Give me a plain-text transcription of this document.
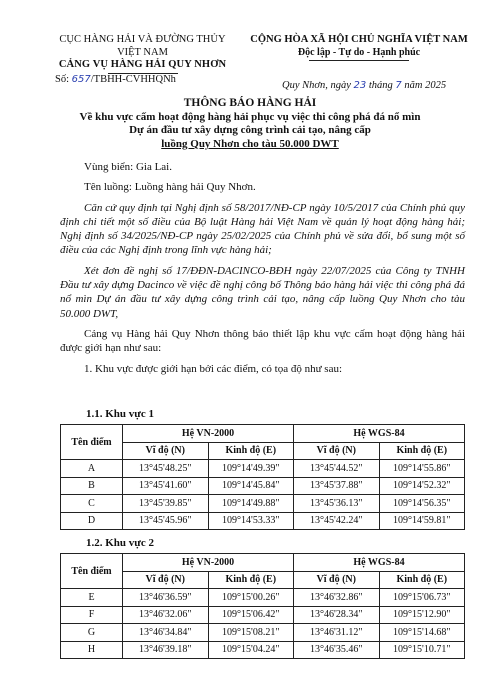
CỤC HÀNG HẢI VÀ ĐƯỜNG THỦY
VIỆT NAM
CẢNG VỤ HÀNG HẢI QUY NHƠN
CỘNG HÒA XÃ HỘI CHỦ NGHĨA VIỆT NAM
Độc lập - Tự do - Hạnh phúc
Số: 657/TBHH-CVHHQNh
Quy Nhơn, ngày 23 tháng 7 năm 2025
THÔNG BÁO HÀNG HẢI
Về khu vực cấm hoạt động hàng hải phục vụ việc thi công phá đá nổ mìn
Dự án đầu tư xây dựng công trình cải tạo, nâng cấp
luồng Quy Nhơn cho tàu 50.000 DWT

Vùng biển: Gia Lai.

Tên luồng: Luồng hàng hải Quy Nhơn.

Căn cứ quy định tại Nghị định số 58/2017/NĐ-CP ngày 10/5/2017 của Chính phủ quy định chi tiết một số điều của Bộ luật Hàng hải Việt Nam về quản lý hoạt động hàng hải; Nghị định số 34/2025/NĐ-CP ngày 25/02/2025 của Chính phủ về sửa đổi, bổ sung một số điều của các Nghị định trong lĩnh vực hàng hải;

Xét đơn đề nghị số 17/ĐĐN-DACINCO-BĐH ngày 22/07/2025 của Công ty TNHH Đầu tư xây dựng Dacinco về việc đề nghị công bố Thông báo hàng hải việc thi công phá đá nổ mìn Dự án đầu tư xây dựng công trình cải tạo, nâng cấp luồng Quy Nhơn cho tàu 50.000 DWT,

Cảng vụ Hàng hải Quy Nhơn thông báo thiết lập khu vực cấm hoạt động hàng hải được giới hạn như sau:

1. Khu vực được giới hạn bởi các điểm, có tọa độ như sau:

1.1. Khu vực 1
Tên điểm	Hệ VN-2000		Hệ WGS-84	
	Vĩ độ (N)	Kinh độ (E)	Vĩ độ (N)	Kinh độ (E)
A	13°45'48.25"	109°14'49.39"	13°45'44.52"	109°14'55.86"
B	13°45'41.60"	109°14'45.84"	13°45'37.88"	109°14'52.32"
C	13°45'39.85"	109°14'49.88"	13°45'36.13"	109°14'56.35"
D	13°45'45.96"	109°14'53.33"	13°45'42.24"	109°14'59.81"
1.2. Khu vực 2
Tên điểm	Hệ VN-2000		Hệ WGS-84	
	Vĩ độ (N)	Kinh độ (E)	Vĩ độ (N)	Kinh độ (E)
E	13°46'36.59"	109°15'00.26"	13°46'32.86"	109°15'06.73"
F	13°46'32.06"	109°15'06.42"	13°46'28.34"	109°15'12.90"
G	13°46'34.84"	109°15'08.21"	13°46'31.12"	109°15'14.68"
H	13°46'39.18"	109°15'04.24"	13°46'35.46"	109°15'10.71"
